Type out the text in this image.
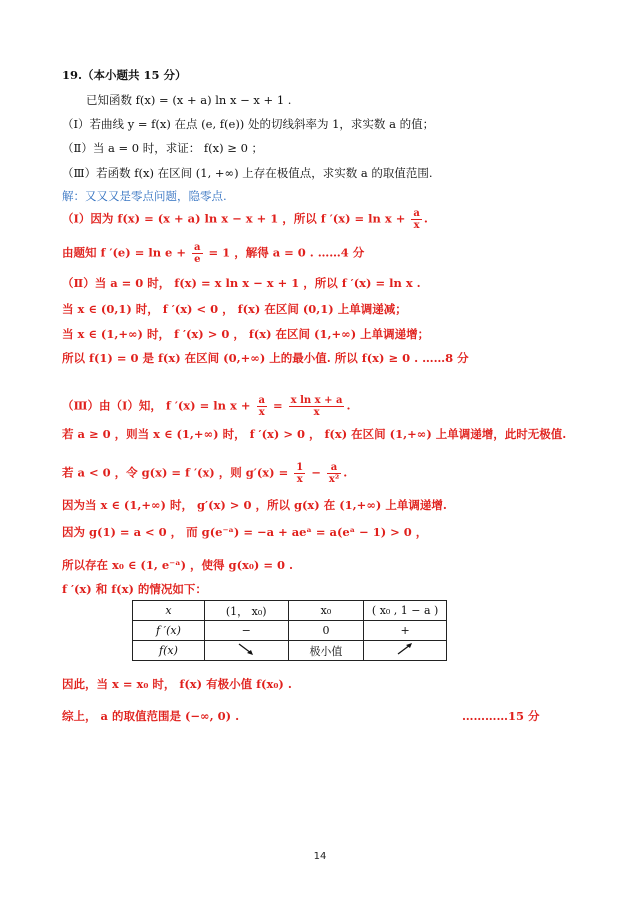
19.（本小题共 15 分）
已知函数 f(x) = (x + a) ln x − x + 1 .
（Ⅰ）若曲线 y = f(x) 在点 (e, f(e)) 处的切线斜率为 1，求实数 a 的值；
（Ⅱ）当 a = 0 时，求证： f(x) ≥ 0 ；
（Ⅲ）若函数 f(x) 在区间 (1, +∞) 上存在极值点，求实数 a 的取值范围.
解：又又又是零点问题，隐零点.
（Ⅰ）因为 f(x) = (x + a) ln x − x + 1 ，所以 f $'(x) = \ln x + \frac{a}{x}$ .
由题知 f $'(e) = \ln e + \frac{a}{e} = 1$ ，解得 a = 0 . ……4 分
（Ⅱ）当 a = 0 时， f(x) = x ln x − x + 1 ，所以 f ′(x) = ln x .
当 x ∈ (0,1) 时， f ′(x) < 0 ， f(x) 在区间 (0,1) 上单调递减；
当 x ∈ (1,+∞) 时， f ′(x) > 0 ， f(x) 在区间 (1,+∞) 上单调递增；
所以 f(1) = 0 是 f(x) 在区间 (0,+∞) 上的最小值. 所以 f(x) ≥ 0 . ……8 分
（Ⅲ）由（Ⅰ）知， f $'(x) = \ln x + \frac{a}{x} = \frac{\text{x ln x + a}}{x}$ .
若 a ≥ 0 ，则当 x ∈ (1,+∞) 时， f ′(x) > 0 ， f(x) 在区间 (1,+∞) 上单调递增，此时无极值.
若 a < 0 ，令 g(x) = f ′(x) ，则 $g'(x) = \frac{1}{x} - \frac{a}{\text{x²}}$ .
因为当 x ∈ (1,+∞) 时， g′(x) > 0 ，所以 g(x) 在 (1,+∞) 上单调递增.
因为 g(1) = a < 0 ， 而 g(e⁻ᵃ) = −a + aeᵃ = a(eᵃ − 1) > 0 ，
所以存在 x₀ ∈ (1, e⁻ᵃ) ，使得 g(x₀) = 0 .
f ′(x) 和 f(x) 的情况如下：
x	(1， x₀)	x₀	( x₀ , 1 − a )
f ′(x)	−	0	+
f(x)		极小值	
因此，当 x = x₀ 时， f(x) 有极小值 f(x₀) .
综上， a 的取值范围是 (−∞, 0) .	…………15 分
14
